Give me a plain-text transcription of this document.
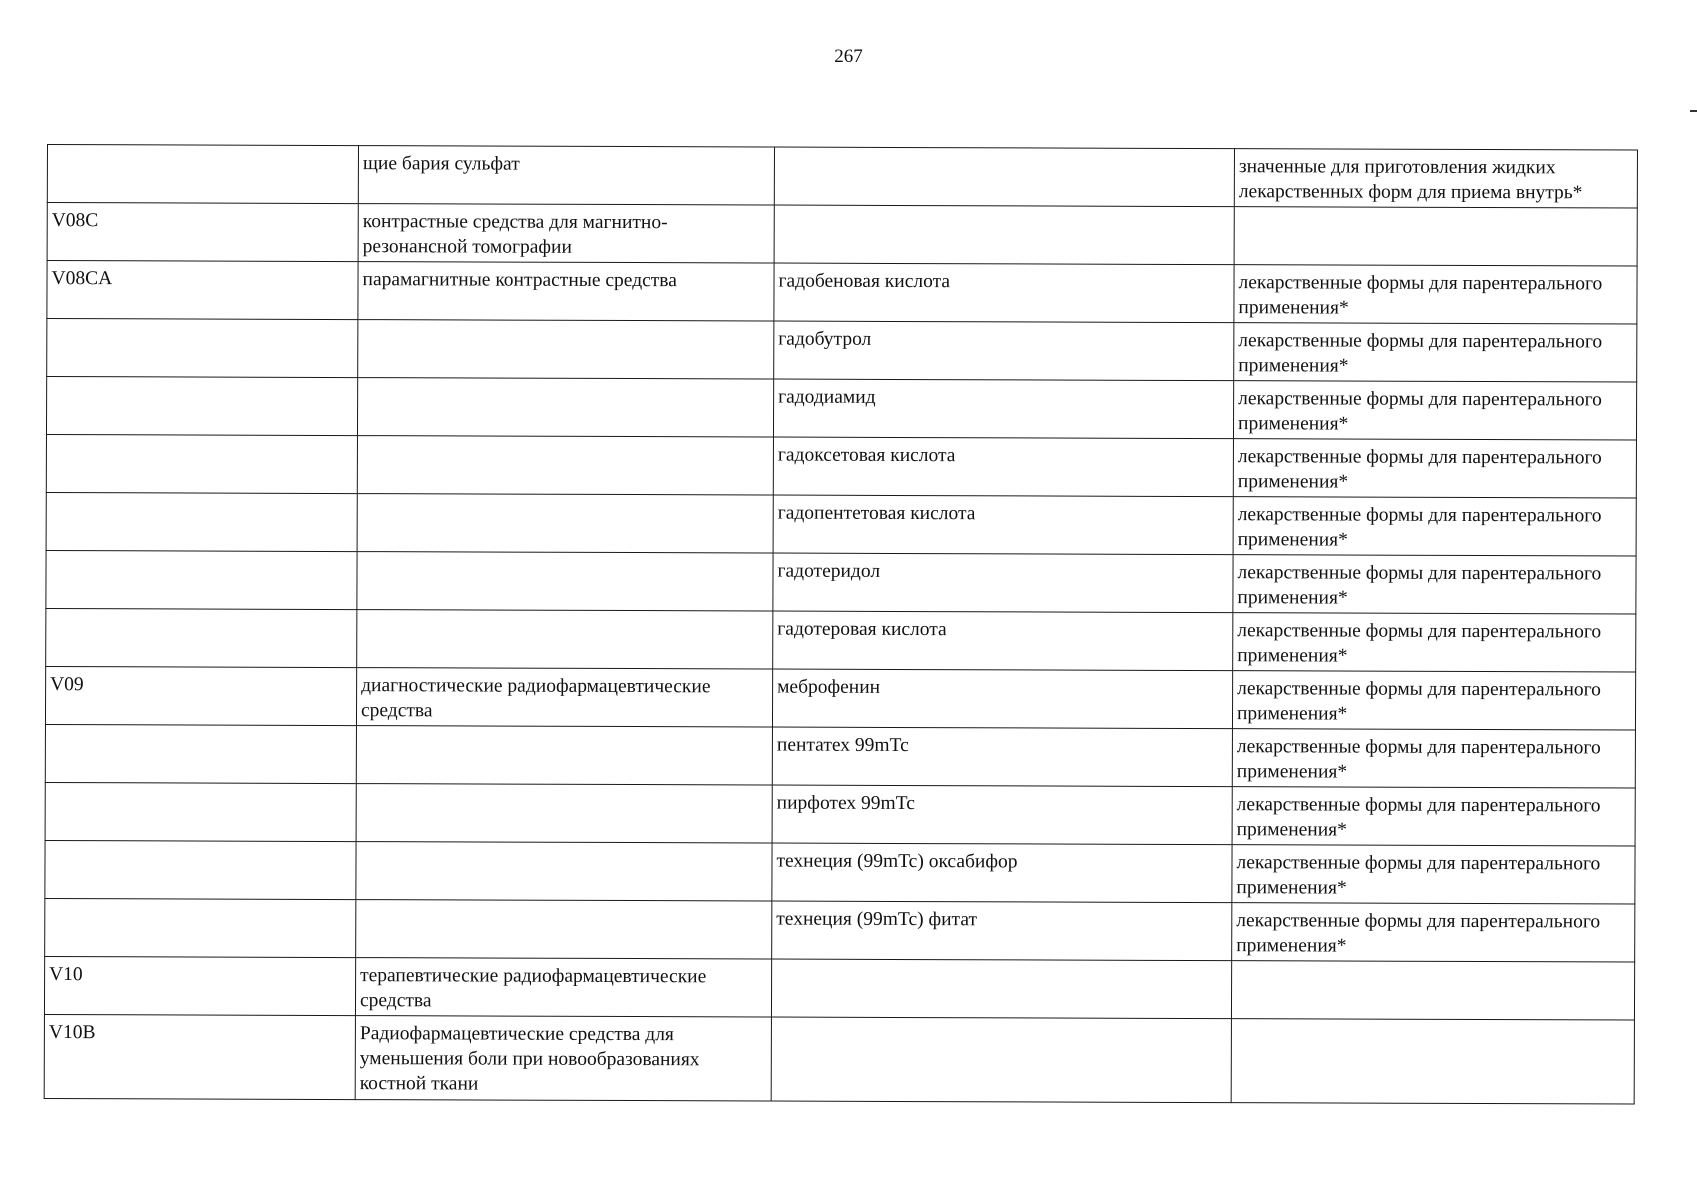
267
	щие бария сульфат		значенные для приготовления жидких лекарственных форм для приема внутрь*
V08C	контрастные средства для магнитно- резонансной томографии		
V08CA	парамагнитные контрастные средства	гадобеновая кислота	лекарственные формы для парентерального применения*
		гадобутрол	лекарственные формы для парентерального применения*
		гадодиамид	лекарственные формы для парентерального применения*
		гадоксетовая кислота	лекарственные формы для парентерального применения*
		гадопентетовая кислота	лекарственные формы для парентерального применения*
		гадотеридол	лекарственные формы для парентерального применения*
		гадотеровая кислота	лекарственные формы для парентерального применения*
V09	диагностические радиофармацевтические средства	меброфенин	лекарственные формы для парентерального применения*
		пентатех 99mTc	лекарственные формы для парентерального применения*
		пирфотех 99mTc	лекарственные формы для парентерального применения*
		технеция (99mTc) оксабифор	лекарственные формы для парентерального применения*
		технеция (99mTc) фитат	лекарственные формы для парентерального применения*
V10	терапевтические радиофармацевтические средства		
V10B	Радиофармацевтические средства для уменьшения боли при новообразованиях костной ткани		
